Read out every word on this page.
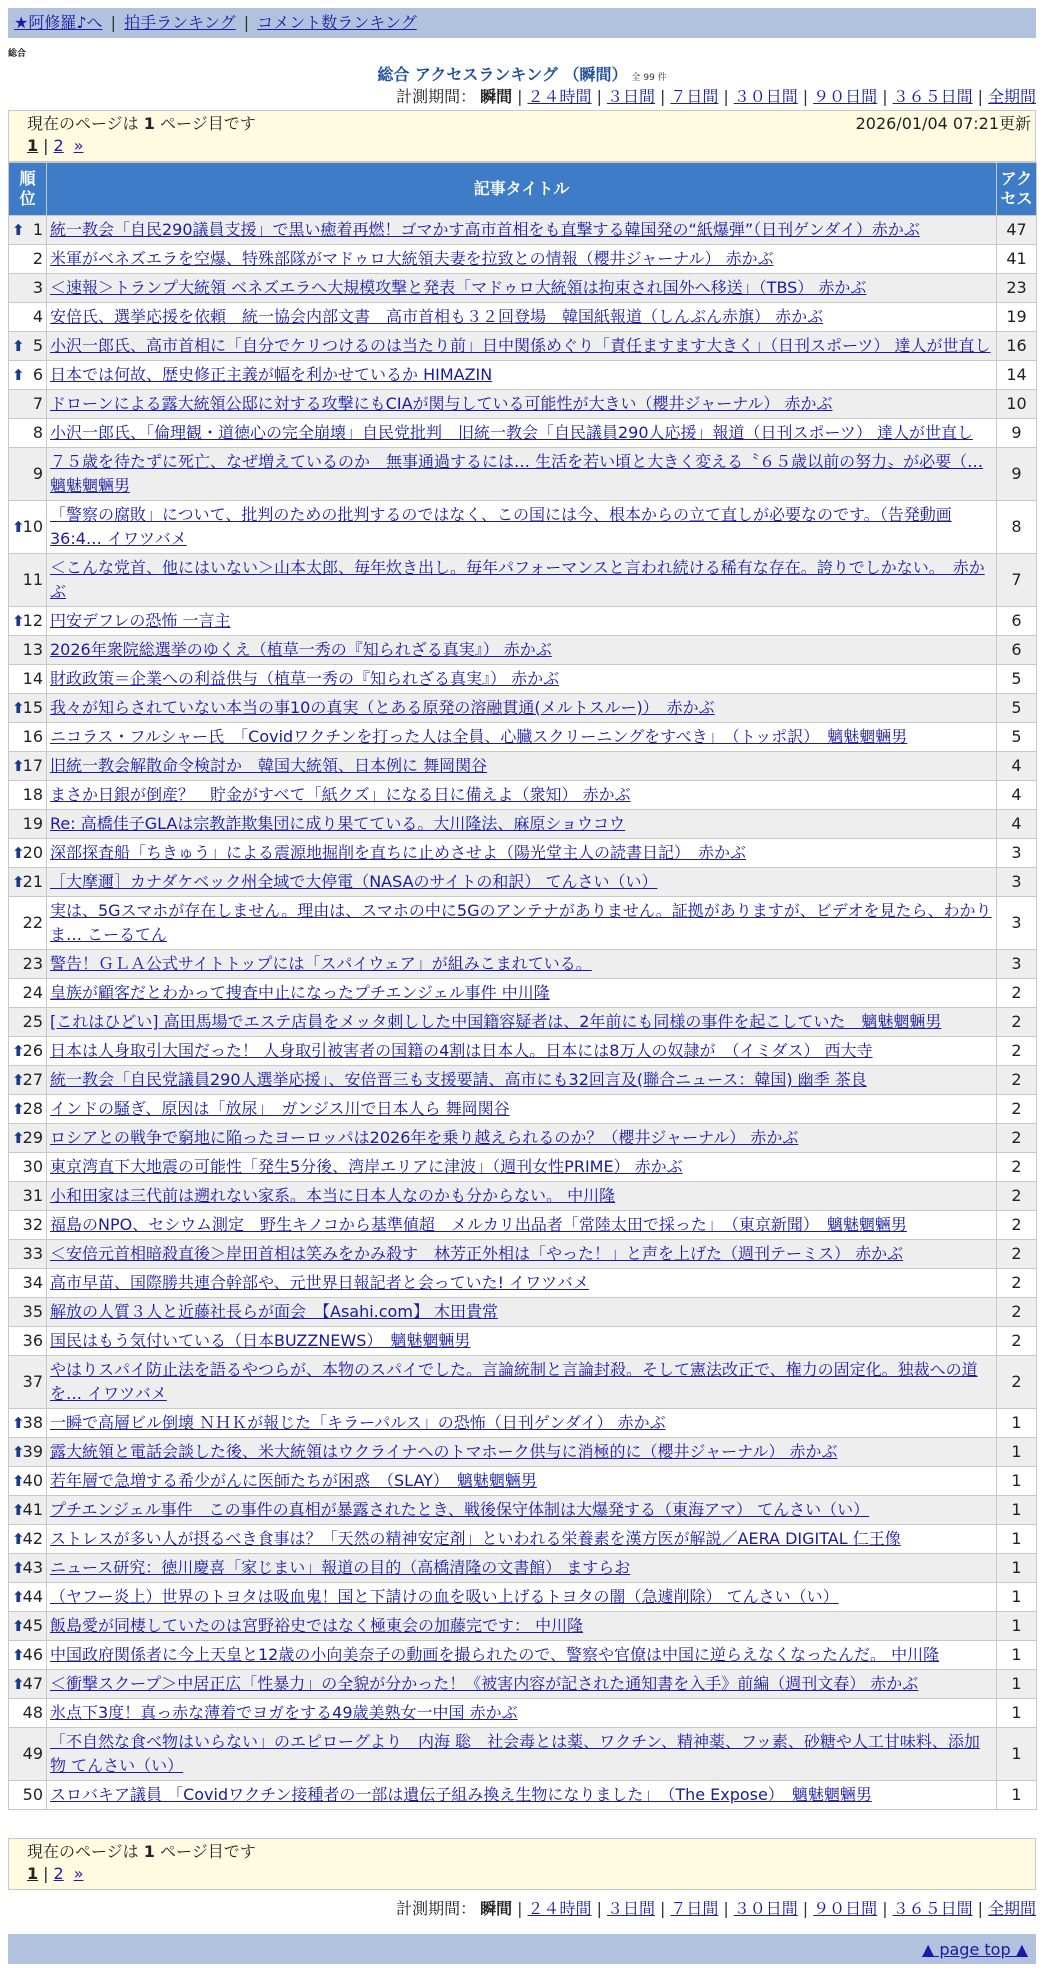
★阿修羅♪へ | 拍手ランキング | コメント数ランキング
総合
総合 アクセスランキング （瞬間） 全 99 件
計測期間： 瞬間 | ２４時間 | ３日間 | ７日間 | ３０日間 | ９０日間 | ３６５日間 | 全期間
現在のページは 1 ページ目です	2026/01/04 07:21更新
1 | 2 »
順位	記事タイトル	アクセス

⬆ 1	統一教会「自民290議員支援」で黒い癒着再燃！ゴマかす高市首相をも直撃する韓国発の“紙爆弾”（日刊ゲンダイ）赤かぶ	47
2	米軍がベネズエラを空爆、特殊部隊がマドゥロ大統領夫妻を拉致との情報（櫻井ジャーナル） 赤かぶ	41
3	＜速報＞トランプ大統領 ベネズエラへ大規模攻撃と発表「マドゥロ大統領は拘束され国外へ移送」（TBS） 赤かぶ	23
4	安倍氏、選挙応援を依頼　統一協会内部文書　高市首相も３２回登場　韓国紙報道（しんぶん赤旗） 赤かぶ	19

⬆ 5	小沢一郎氏、高市首相に「自分でケリつけるのは当たり前」日中関係めぐり「責任ますます大きく」（日刊スポーツ） 達人が世直し	16

⬆ 6	日本では何故、歴史修正主義が幅を利かせているか HIMAZIN	14
7	ドローンによる露大統領公邸に対する攻撃にもCIAが関与している可能性が大きい（櫻井ジャーナル） 赤かぶ	10
8	小沢一郎氏、「倫理観・道徳心の完全崩壊」自民党批判　旧統一教会「自民議員290人応援」報道（日刊スポーツ） 達人が世直し	9
9	７５歳を待たずに死亡、なぜ増えているのか　無事通過するには… 生活を若い頃と大きく変える〝６５歳以前の努力〟が必要（… 魑魅魍魎男	9

⬆
10	「警察の腐敗」について、批判のための批判するのではなく、この国には今、根本からの立て直しが必要なのです。（告発動画36:4… イワツバメ	8
11	＜こんな党首、他にはいない＞山本太郎、毎年炊き出し。毎年パフォーマンスと言われ続ける稀有な存在。誇りでしかない。　赤かぶ	7

⬆
12	円安デフレの恐怖 一言主	6
13	2026年衆院総選挙のゆくえ（植草一秀の『知られざる真実』） 赤かぶ	6
14	財政政策＝企業への利益供与（植草一秀の『知られざる真実』） 赤かぶ	5

⬆
15	我々が知らされていない本当の事10の真実（とある原発の溶融貫通(メルトスルー)）　赤かぶ	5
16	ニコラス・フルシャー氏　「Covidワクチンを打った人は全員、心臓スクリーニングをすべき」　（トッポ訳）　魑魅魍魎男	5

⬆
17	旧統一教会解散命令検討か　韓国大統領、日本例に 舞岡関谷	4
18	まさか日銀が倒産？　貯金がすべて「紙クズ」になる日に備えよ（衆知） 赤かぶ	4
19	Re: 高橋佳子GLAは宗教詐欺集団に成り果てている。大川隆法、麻原ショウコウ	4

⬆
20	深部探査船「ちきゅう」による震源地掘削を直ちに止めさせよ（陽光堂主人の読書日記）　赤かぶ	3

⬆
21	［大摩邇］カナダケベック州全域で大停電（NASAのサイトの和訳） てんさい（い）	3
22	実は、5Gスマホが存在しません。理由は、スマホの中に5Gのアンテナがありません。証拠がありますが、ビデオを見たら、わかりま… こーるてん	3
23	警告！ＧＬＡ公式サイトトップには「スパイウェア」が組みこまれている。	3
24	皇族が顧客だとわかって捜査中止になったプチエンジェル事件 中川隆	2
25	[これはひどい] 高田馬場でエステ店員をメッタ刺しした中国籍容疑者は、2年前にも同様の事件を起こしていた　魑魅魍魎男	2

⬆
26	日本は人身取引大国だった！ 人身取引被害者の国籍の4割は日本人。日本には8万人の奴隷が　（イミダス） 西大寺	2

⬆
27	統一教会「自民党議員290人選挙応援」、安倍晋三も支援要請、高市にも32回言及(聯合ニュース：韓国) 幽季 茶良	2

⬆
28	インドの騒ぎ、原因は「放尿」　ガンジス川で日本人ら 舞岡関谷	2

⬆
29	ロシアとの戦争で窮地に陥ったヨーロッパは2026年を乗り越えられるのか？（櫻井ジャーナル） 赤かぶ	2
30	東京湾直下大地震の可能性「発生5分後、湾岸エリアに津波」（週刊女性PRIME） 赤かぶ	2
31	小和田家は三代前は遡れない家系。本当に日本人なのかも分からない。 中川隆	2
32	福島のNPO、セシウム測定　野生キノコから基準値超　メルカリ出品者「常陸太田で採った」　（東京新聞）　魑魅魍魎男	2
33	＜安倍元首相暗殺直後＞岸田首相は笑みをかみ殺す　林芳正外相は「やった！」と声を上げた（週刊テーミス） 赤かぶ	2
34	高市早苗、国際勝共連合幹部や、元世界日報記者と会っていた! イワツバメ	2
35	解放の人質３人と近藤社長らが面会　【Asahi.com】 木田貴常	2
36	国民はもう気付いている（日本BUZZNEWS）　魑魅魍魎男	2
37	やはりスパイ防止法を語るやつらが、本物のスパイでした。言論統制と言論封殺。そして憲法改正で、権力の固定化。独裁への道を… イワツバメ	2

⬆
38	一瞬で高層ビル倒壊 ＮＨＫが報じた「キラーパルス」の恐怖（日刊ゲンダイ） 赤かぶ	1

⬆
39	露大統領と電話会談した後、米大統領はウクライナへのトマホーク供与に消極的に（櫻井ジャーナル） 赤かぶ	1

⬆
40	若年層で急増する希少がんに医師たちが困惑　（SLAY）　魑魅魍魎男	1

⬆
41	プチエンジェル事件　この事件の真相が暴露されたとき、戦後保守体制は大爆発する（東海アマ） てんさい（い）	1

⬆
42	ストレスが多い人が摂るべき食事は？「天然の精神安定剤」といわれる栄養素を漢方医が解説／AERA DIGITAL 仁王像	1

⬆
43	ニュース研究：徳川慶喜「家じまい」報道の目的（高橋清隆の文書館） ますらお	1

⬆
44	（ヤフー炎上）世界のトヨタは吸血鬼！国と下請けの血を吸い上げるトヨタの闇（急遽削除） てんさい（い）	1

⬆
45	飯島愛が同棲していたのは宮野裕史ではなく極東会の加藤完です： 中川隆	1

⬆
46	中国政府関係者に今上天皇と12歳の小向美奈子の動画を撮られたので、警察や官僚は中国に逆らえなくなったんだ。 中川隆	1

⬆
47	＜衝撃スクープ＞中居正広「性暴力」の全貌が分かった！《被害内容が記された通知書を入手》前編（週刊文春） 赤かぶ	1
48	氷点下3度！真っ赤な薄着でヨガをする49歳美熟女一中国 赤かぶ	1
49	「不自然な食べ物はいらない」のエピローグより　内海 聡　社会毒とは薬、ワクチン、精神薬、フッ素、砂糖や人工甘味料、添加物 てんさい（い）	1
50	スロバキア議員 「Covidワクチン接種者の一部は遺伝子組み換え生物になりました」　（The Expose）　魑魅魍魎男	1
現在のページは 1 ページ目です
1 | 2 »
計測期間： 瞬間 | ２４時間 | ３日間 | ７日間 | ３０日間 | ９０日間 | ３６５日間 | 全期間
▲ page top ▲
